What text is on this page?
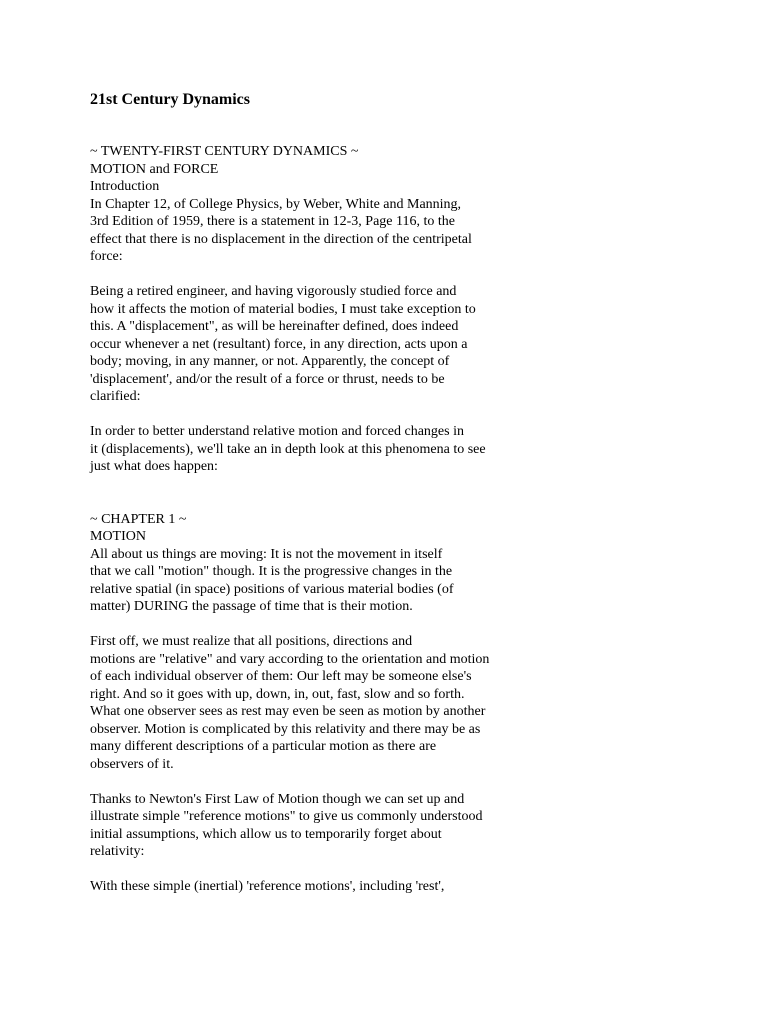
21st Century Dynamics
~ TWENTY-FIRST CENTURY DYNAMICS ~
MOTION and FORCE
Introduction
In Chapter 12, of College Physics, by Weber, White and Manning,
3rd Edition of 1959, there is a statement in 12-3, Page 116, to the
effect that there is no displacement in the direction of the centripetal
force:
Being a retired engineer, and having vigorously studied force and
how it affects the motion of material bodies, I must take exception to
this. A "displacement", as will be hereinafter defined, does indeed
occur whenever a net (resultant) force, in any direction, acts upon a
body; moving, in any manner, or not. Apparently, the concept of
'displacement', and/or the result of a force or thrust, needs to be
clarified:
In order to better understand relative motion and forced changes in
it (displacements), we'll take an in depth look at this phenomena to see
just what does happen:
~ CHAPTER 1 ~
MOTION
All about us things are moving: It is not the movement in itself
that we call "motion" though. It is the progressive changes in the
relative spatial (in space) positions of various material bodies (of
matter) DURING the passage of time that is their motion.
First off, we must realize that all positions, directions and
motions are "relative" and vary according to the orientation and motion
of each individual observer of them: Our left may be someone else's
right. And so it goes with up, down, in, out, fast, slow and so forth.
What one observer sees as rest may even be seen as motion by another
observer. Motion is complicated by this relativity and there may be as
many different descriptions of a particular motion as there are
observers of it.
Thanks to Newton's First Law of Motion though we can set up and
illustrate simple "reference motions" to give us commonly understood
initial assumptions, which allow us to temporarily forget about
relativity:
With these simple (inertial) 'reference motions', including 'rest',
